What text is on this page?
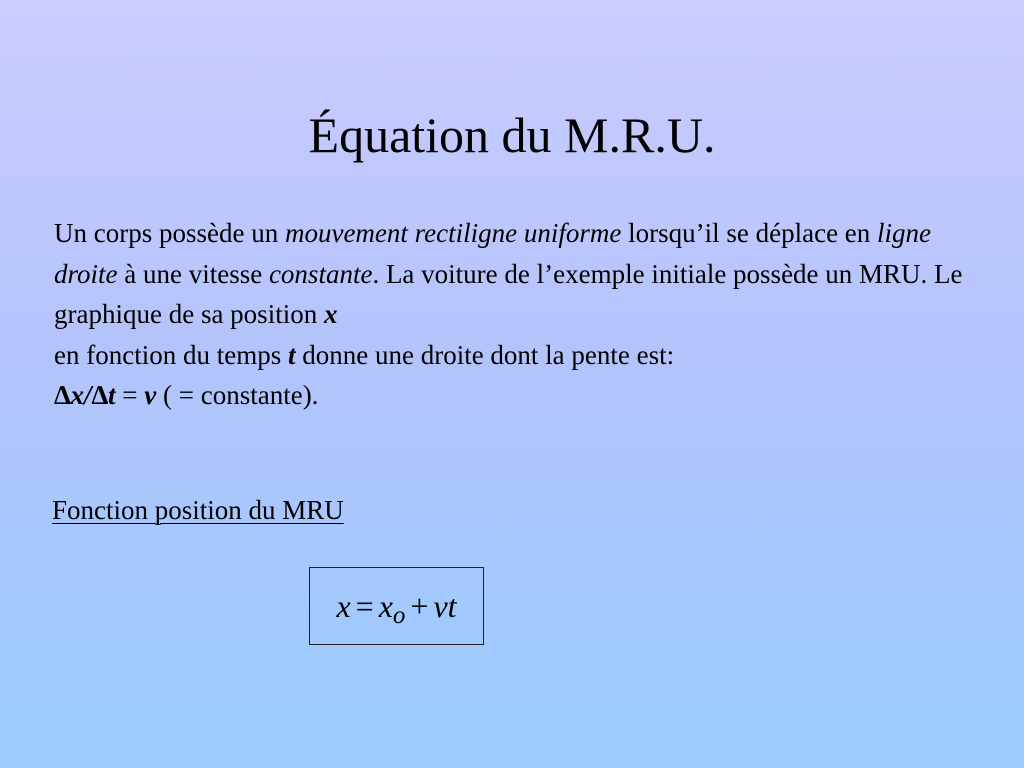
Équation du M.R.U.
Un corps possède un mouvement rectiligne uniforme lorsqu’il se déplace en ligne droite à une vitesse constante. La voiture de l’exemple initiale possède un MRU. Le graphique de sa position x
en fonction du temps t donne une droite dont la pente est:
∆x/∆t = v ( = constante).
Fonction position du MRU
$x = x_o$ + vt
